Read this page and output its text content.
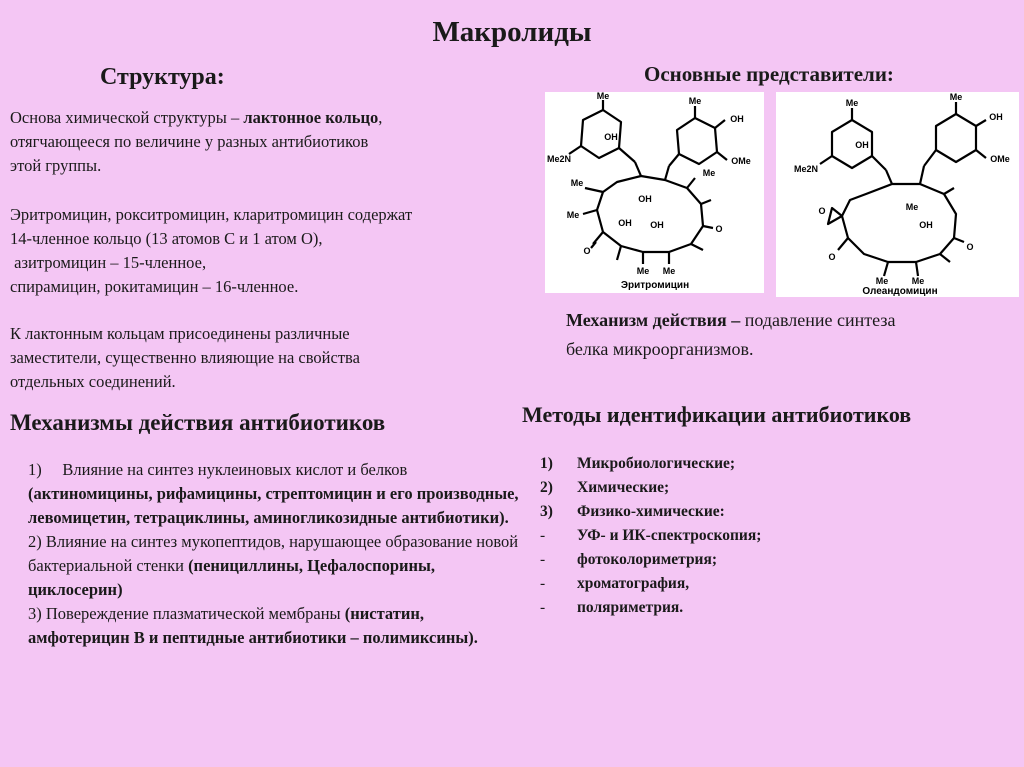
Макролиды
Структура:	Основные представители:
Основа химической структуры – лактонное кольцо,
отягчающееся по величине у разных антибиотиков
этой группы.
Эритромицин, рокситромицин, кларитромицин содержат
14-членное кольцо (13 атомов С и 1 атом О),
азитромицин – 15-членное,
спирамицин, рокитамицин – 16-членное.
К лактонным кольцам присоединены различные
заместители, существенно влияющие на свойства
отдельных соединений.
Механизмы действия антибиотиков
1)     Влияние на синтез нуклеиновых кислот и белков
(актиномицины, рифамицины, стрептомицин и его производные, левомицетин, тетрациклины, аминогликозидные антибиотики).
2) Влияние на синтез мукопептидов, нарушающее образование новой бактериальной стенки (пенициллины, Цефалоспорины, циклосерин)
3) Повереждение плазматической мембраны (нистатин, амфотерицин В и пептидные антибиотики – полимиксины).
Me
Me2N
OH
Me
OH
OMe
Me
Me
Me
OH
OH OH
O
O
Me Me
Эритромицин
Me
Me2N
OH
Me
OH
OMe
Me
OH
O
O
O
Me	Me
Олеандомицин
Механизм действия – подавление синтеза
белка микроорганизмов.
Методы идентификации антибиотиков
1)	Микробиологические;
2)	Химические;
3)	Физико-химические:
-	УФ- и ИК-спектроскопия;
-	фотоколориметрия;
-	хроматография,
-	поляриметрия.
